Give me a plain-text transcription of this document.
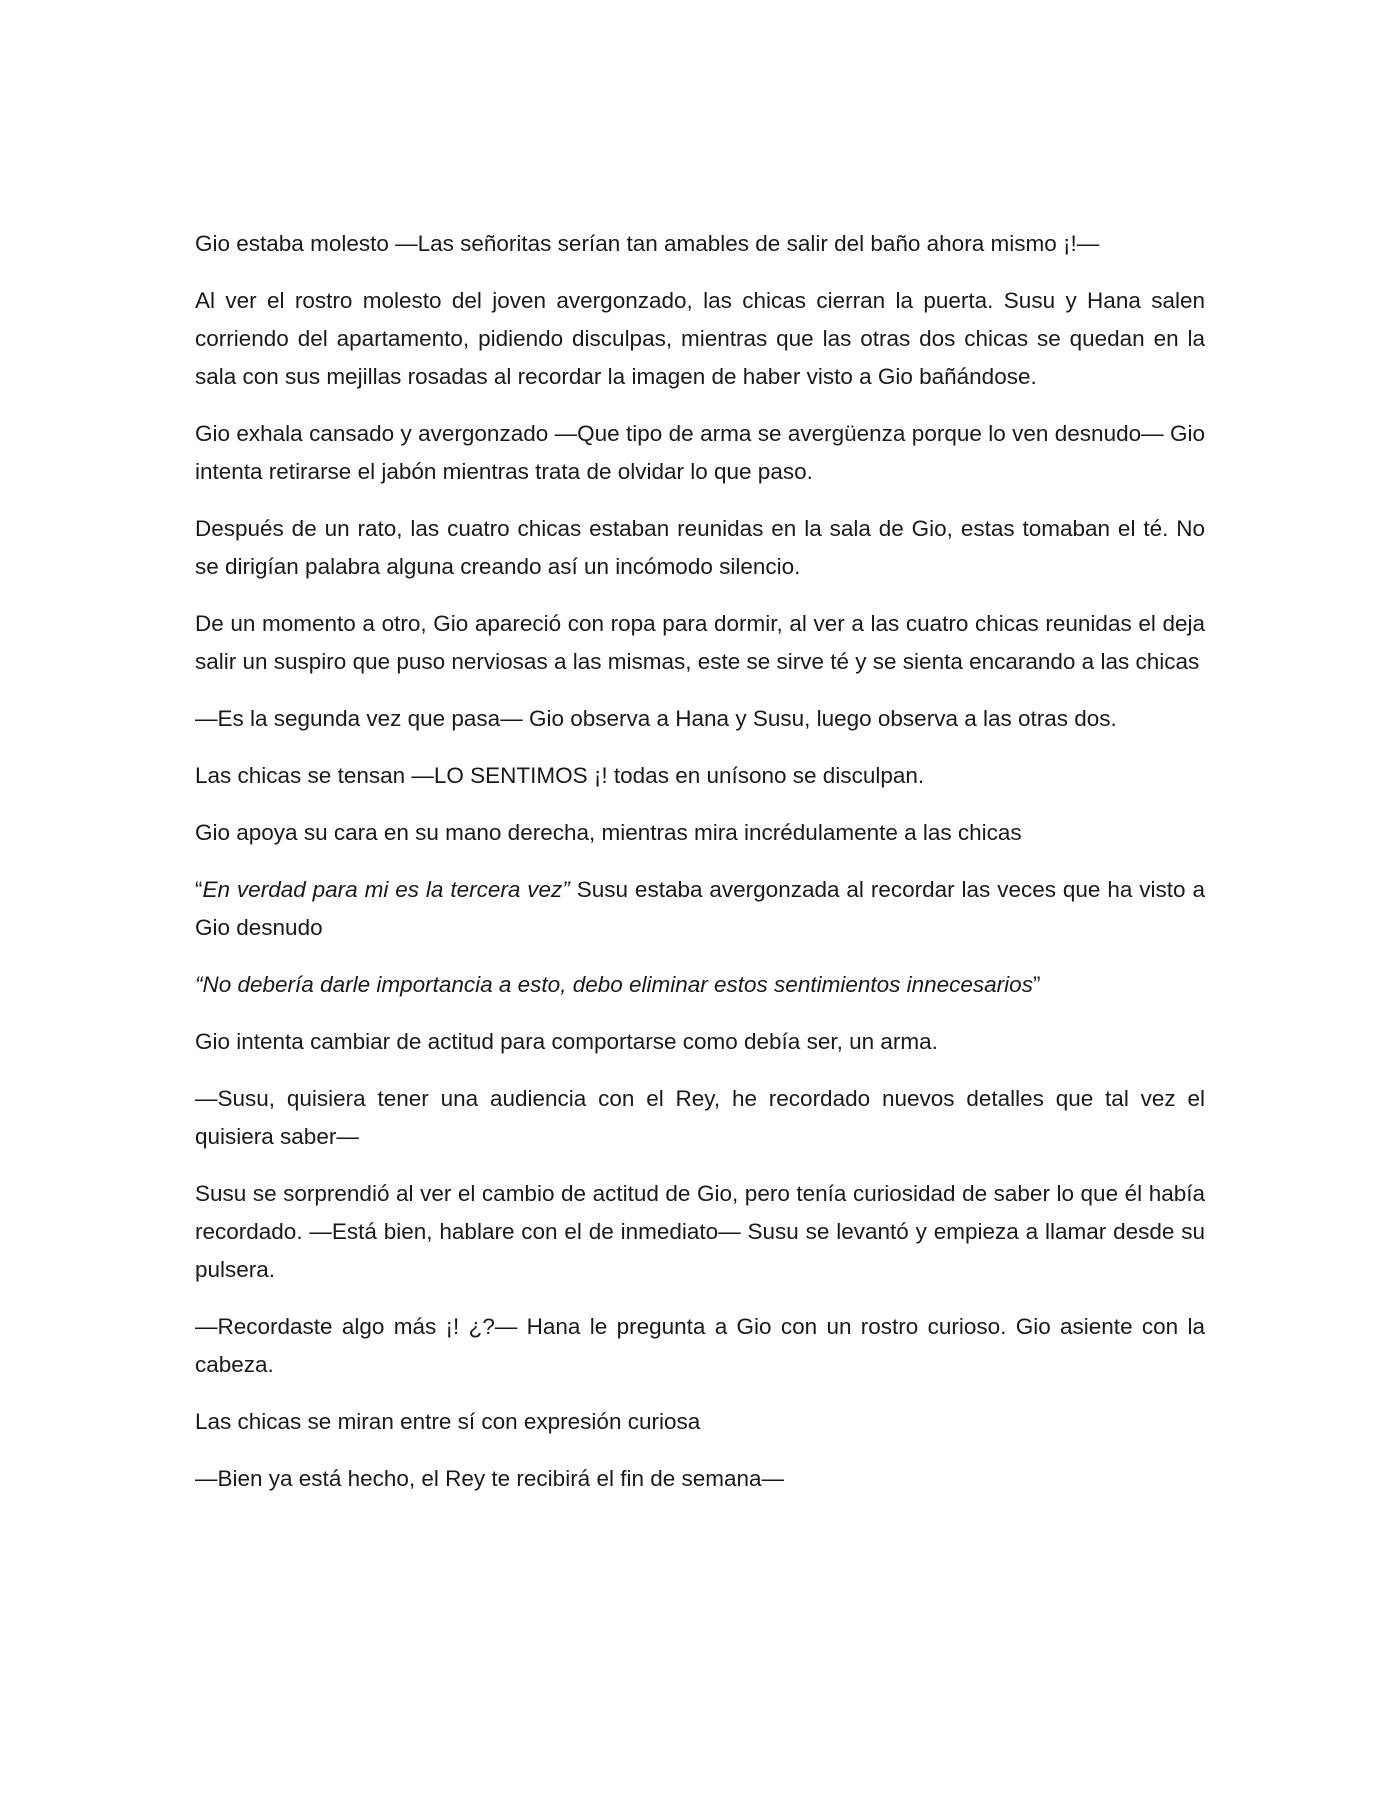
Gio estaba molesto —Las señoritas serían tan amables de salir del baño ahora mismo ¡!—

Al ver el rostro molesto del joven avergonzado, las chicas cierran la puerta. Susu y Hana salen corriendo del apartamento, pidiendo disculpas, mientras que las otras dos chicas se quedan en la sala con sus mejillas rosadas al recordar la imagen de haber visto a Gio bañándose.

Gio exhala cansado y avergonzado —Que tipo de arma se avergüenza porque lo ven desnudo— Gio intenta retirarse el jabón mientras trata de olvidar lo que paso.

Después de un rato, las cuatro chicas estaban reunidas en la sala de Gio, estas tomaban el té. No se dirigían palabra alguna creando así un incómodo silencio.

De un momento a otro, Gio apareció con ropa para dormir, al ver a las cuatro chicas reunidas el deja salir un suspiro que puso nerviosas a las mismas, este se sirve té y se sienta encarando a las chicas

—Es la segunda vez que pasa— Gio observa a Hana y Susu, luego observa a las otras dos.

Las chicas se tensan —LO SENTIMOS ¡! todas en unísono se disculpan.

Gio apoya su cara en su mano derecha, mientras mira incrédulamente a las chicas

“En verdad para mi es la tercera vez” Susu estaba avergonzada al recordar las veces que ha visto a Gio desnudo

“No debería darle importancia a esto, debo eliminar estos sentimientos innecesarios”

Gio intenta cambiar de actitud para comportarse como debía ser, un arma.

—Susu, quisiera tener una audiencia con el Rey, he recordado nuevos detalles que tal vez el quisiera saber—

Susu se sorprendió al ver el cambio de actitud de Gio, pero tenía curiosidad de saber lo que él había recordado. —Está bien, hablare con el de inmediato— Susu se levantó y empieza a llamar desde su pulsera.

—Recordaste algo más ¡! ¿?— Hana le pregunta a Gio con un rostro curioso. Gio asiente con la cabeza.

Las chicas se miran entre sí con expresión curiosa

—Bien ya está hecho, el Rey te recibirá el fin de semana—
